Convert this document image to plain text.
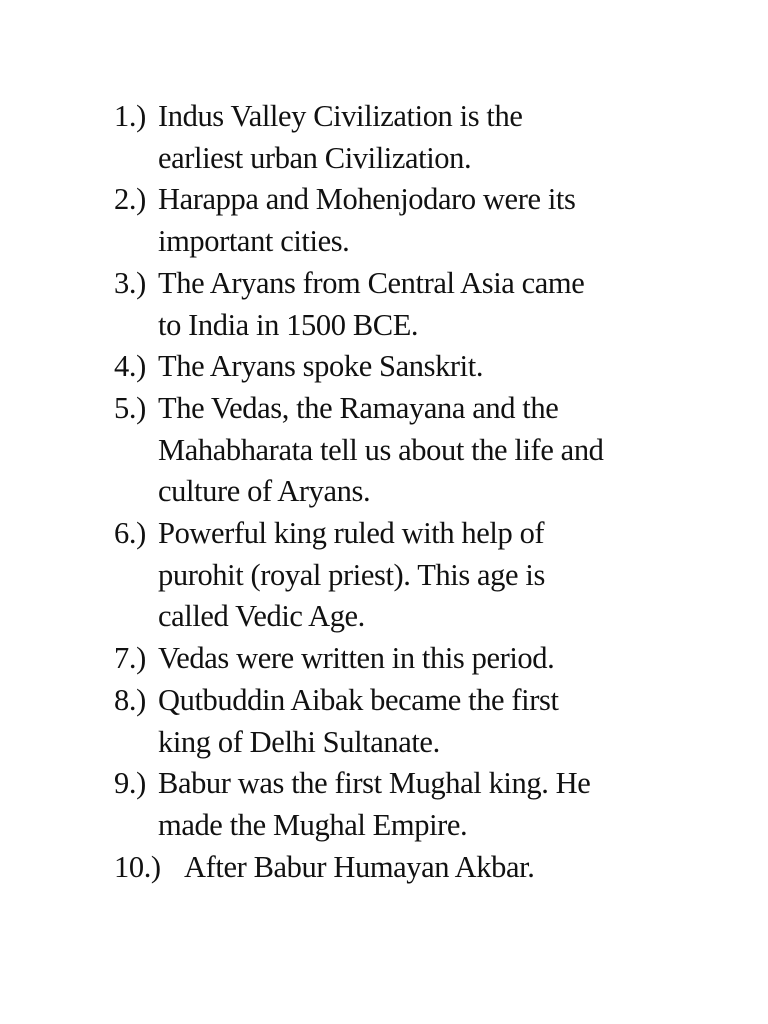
1.) Indus Valley Civilization is the
earliest urban Civilization.
2.) Harappa and Mohenjodaro were its
important cities.
3.) The Aryans from Central Asia came
to India in 1500 BCE.
4.) The Aryans spoke Sanskrit.
5.) The Vedas, the Ramayana and the
Mahabharata tell us about the life and
culture of Aryans.
6.) Powerful king ruled with help of
purohit (royal priest). This age is
called Vedic Age.
7.) Vedas were written in this period.
8.) Qutbuddin Aibak became the first
king of Delhi Sultanate.
9.) Babur was the first Mughal king. He
made the Mughal Empire.
10.) After Babur Humayan Akbar.
